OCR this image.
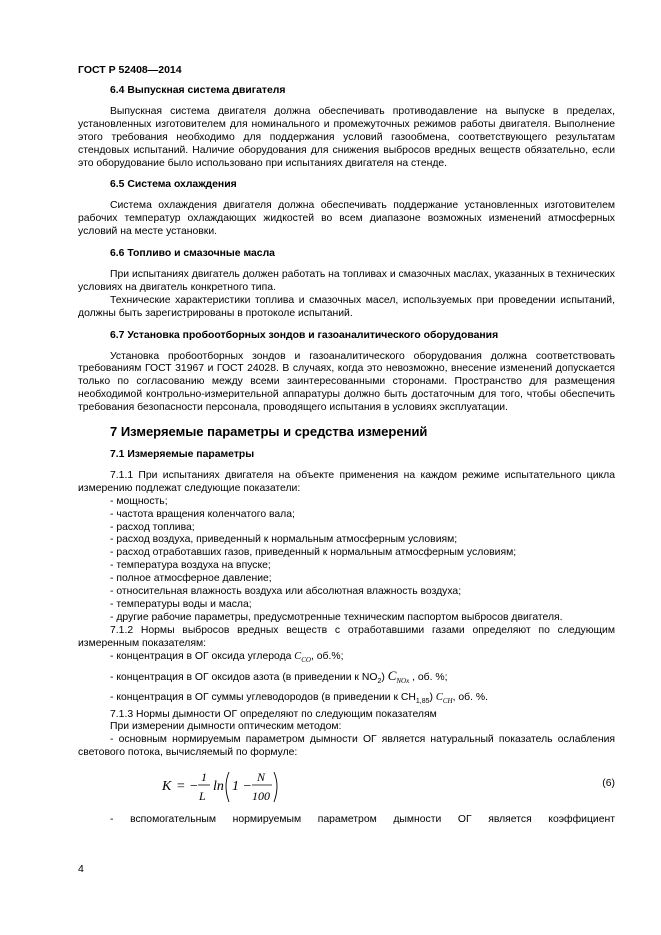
ГОСТ Р 52408—2014
6.4 Выпускная система двигателя

Выпускная система двигателя должна обеспечивать противодавление на выпуске в пределах, установленных изготовителем для номинального и промежуточных режимов работы двигателя. Выполнение этого требования необходимо для поддержания условий газообмена, соответствующего результатам стендовых испытаний. Наличие оборудования для снижения выбросов вредных веществ обязательно, если это оборудование было использовано при испытаниях двигателя на стенде.

6.5 Система охлаждения

Система охлаждения двигателя должна обеспечивать поддержание установленных изготовителем рабочих температур охлаждающих жидкостей во всем диапазоне возможных изменений атмосферных условий на месте установки.

6.6 Топливо и смазочные масла

При испытаниях двигатель должен работать на топливах и смазочных маслах, указанных в технических условиях на двигатель конкретного типа.

Технические характеристики топлива и смазочных масел, используемых при проведении испытаний, должны быть зарегистрированы в протоколе испытаний.

6.7 Установка пробоотборных зондов и газоаналитического оборудования

Установка пробоотборных зондов и газоаналитического оборудования должна соответствовать требованиям ГОСТ 31967 и ГОСТ 24028. В случаях, когда это невозможно, внесение изменений допускается только по согласованию между всеми заинтересованными сторонами. Пространство для размещения необходимой контрольно-измерительной аппаратуры должно быть достаточным для того, чтобы обеспечить требования безопасности персонала, проводящего испытания в условиях эксплуатации.

7 Измеряемые параметры и средства измерений
7.1 Измеряемые параметры

7.1.1 При испытаниях двигателя на объекте применения на каждом режиме испытательного цикла измерению подлежат следующие показатели:

- мощность;
- частота вращения коленчатого вала;
- расход топлива;
- расход воздуха, приведенный к нормальным атмосферным условиям;
- расход отработавших газов, приведенный к нормальным атмосферным условиям;
- температура воздуха на впуске;
- полное атмосферное давление;
- относительная влажность воздуха или абсолютная влажность воздуха;
- температуры воды и масла;
- другие рабочие параметры, предусмотренные техническим паспортом выбросов двигателя.

7.1.2 Нормы выбросов вредных веществ с отработавшими газами определяют по следующим измеренным показателям:

- концентрация в ОГ оксида углерода $C_{CO}$, об.%;
- концентрация в ОГ оксидов азота (в приведении к $NO_2$) $C_{NOx}$ , об. %;
- концентрация в ОГ суммы углеводородов (в приведении к $CH_{1,85}$) $C_{CH}$, об. %.
7.1.3 Нормы дымности ОГ определяют по следующим показателям
При измерении дымности оптическим методом:

- основным нормируемым параметром дымности ОГ является натуральный показатель ослабления светового потока, вычисляемый по формуле:

K = −
1
L
ln 1 −
N
100
(6)

- вспомогательным нормируемым параметром дымности ОГ является коэффициент

4
